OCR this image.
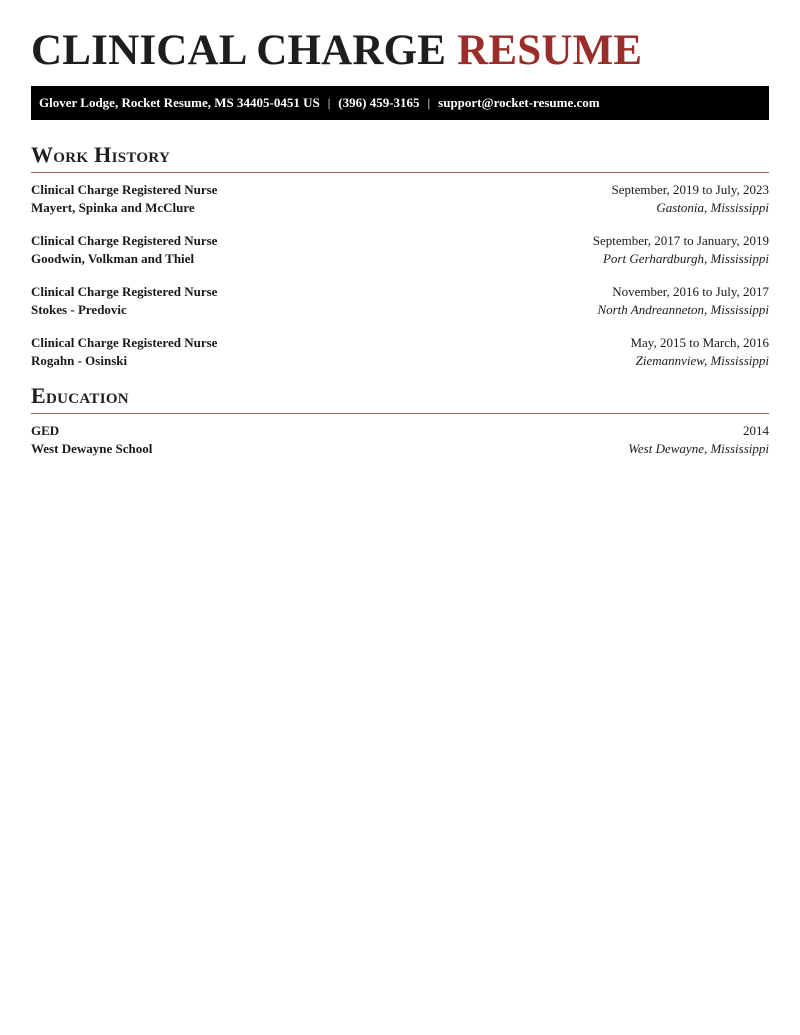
CLINICAL CHARGE RESUME
Glover Lodge, Rocket Resume, MS 34405-0451 US | (396) 459-3165 | support@rocket-resume.com
Work History
Clinical Charge Registered Nurse	September, 2019 to July, 2023
Mayert, Spinka and McClure	Gastonia, Mississippi
Clinical Charge Registered Nurse	September, 2017 to January, 2019
Goodwin, Volkman and Thiel	Port Gerhardburgh, Mississippi
Clinical Charge Registered Nurse	November, 2016 to July, 2017
Stokes - Predovic	North Andreanneton, Mississippi
Clinical Charge Registered Nurse	May, 2015 to March, 2016
Rogahn - Osinski	Ziemannview, Mississippi
Education
GED	2014
West Dewayne School	West Dewayne, Mississippi
